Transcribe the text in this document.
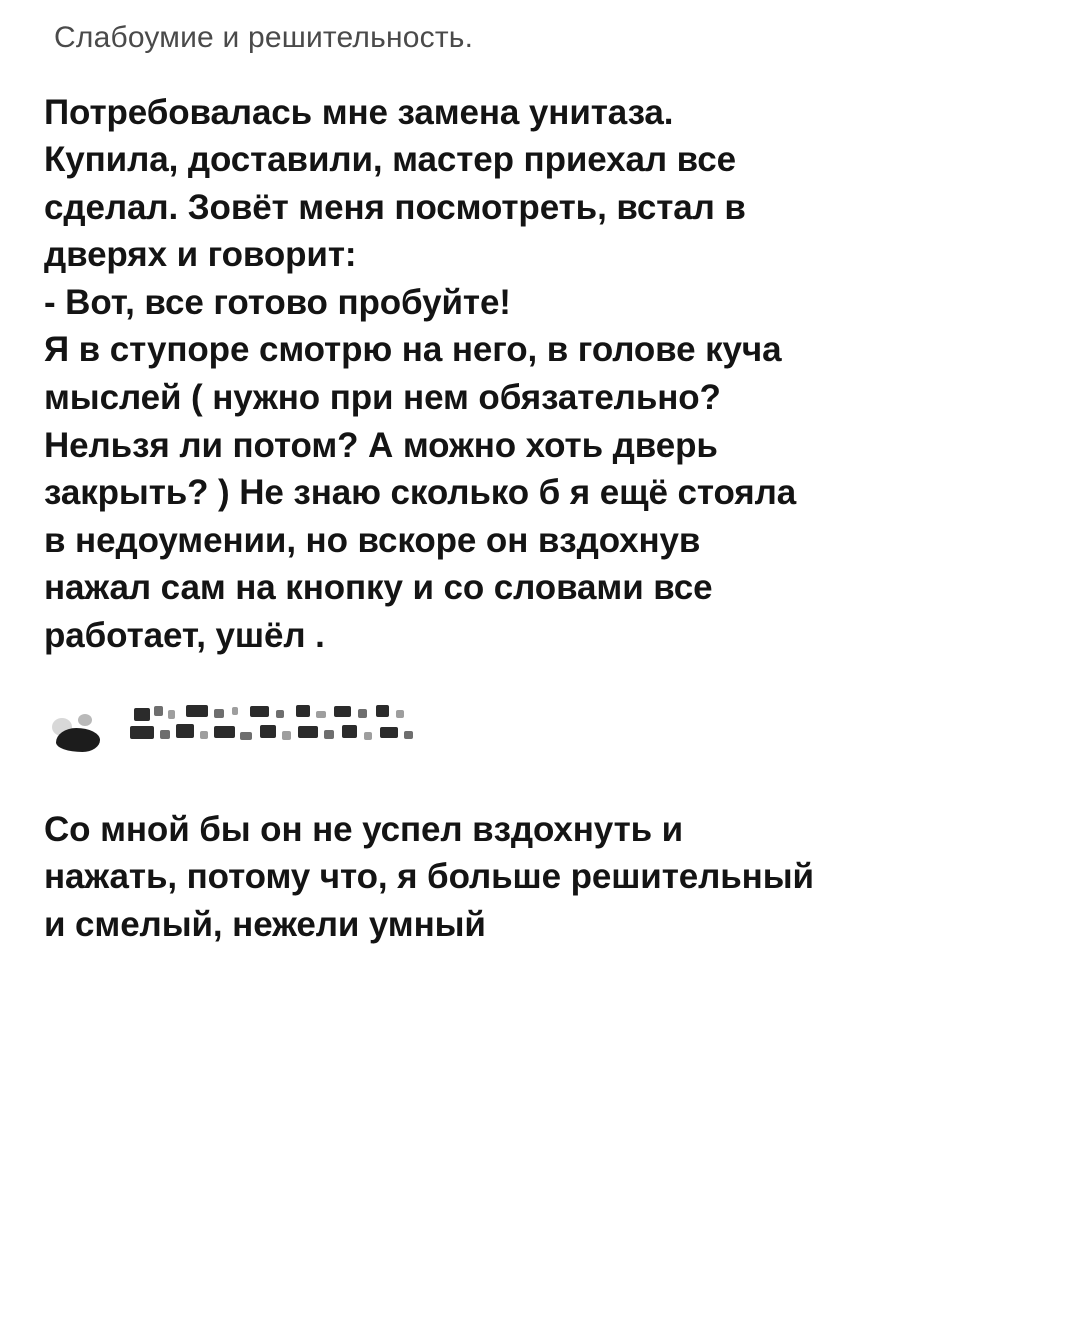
Слабоумие и решительность.

Потребовалась мне замена унитаза.

Купила, доставили, мастер приехал все

сделал. Зовёт меня посмотреть, встал в

дверях и говорит:

- Вот, все готово пробуйте!

Я в ступоре смотрю на него, в голове куча

мыслей ( нужно при нем обязательно?

Нельзя ли потом? А можно хоть дверь

закрыть? ) Не знаю сколько б я ещё стояла

в недоумении, но вскоре он вздохнув

нажал сам на кнопку и со словами все

работает, ушёл .

Со мной бы он не успел вздохнуть и

нажать, потому что, я больше решительный

и смелый, нежели умный
